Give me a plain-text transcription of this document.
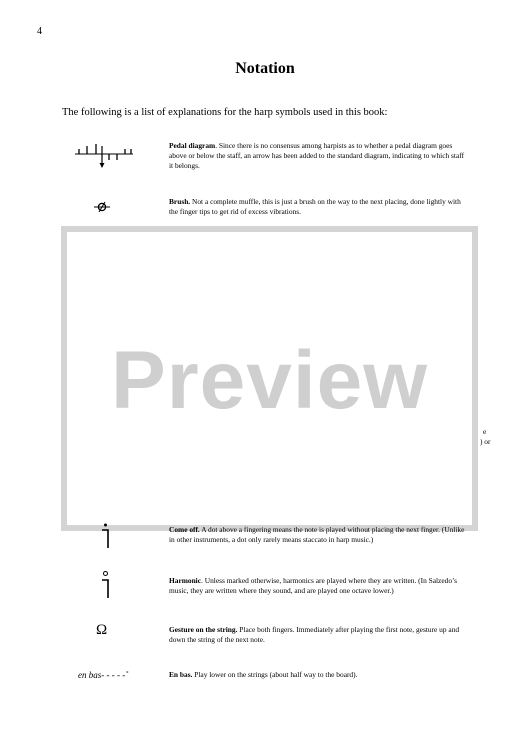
4
Notation
The following is a list of explanations for the harp symbols used in this book:
Pedal diagram. Since there is no consensus among harpists as to whether a pedal diagram goes above or below the staff, an arrow has been added to the standard diagram, indicating to which staff it belongs.
Brush. Not a complete muffle, this is just a brush on the way to the next placing, done lightly with the finger tips to get rid of excess vibrations.
Preview
e
) or
Come off. A dot above a fingering means the note is played without placing the next finger. (Unlike in other instruments, a dot only rarely means staccato in harp music.)
Harmonic. Unless marked otherwise, harmonics are played where they are written. (In Salzedo’s music, they are written where they sound, and are played one octave lower.)
Ω	Gesture on the string. Place both fingers. Immediately after playing the first note, gesture up and down the string of the next note.
en bas- - - - -˚	En bas. Play lower on the strings (about half way to the board).
